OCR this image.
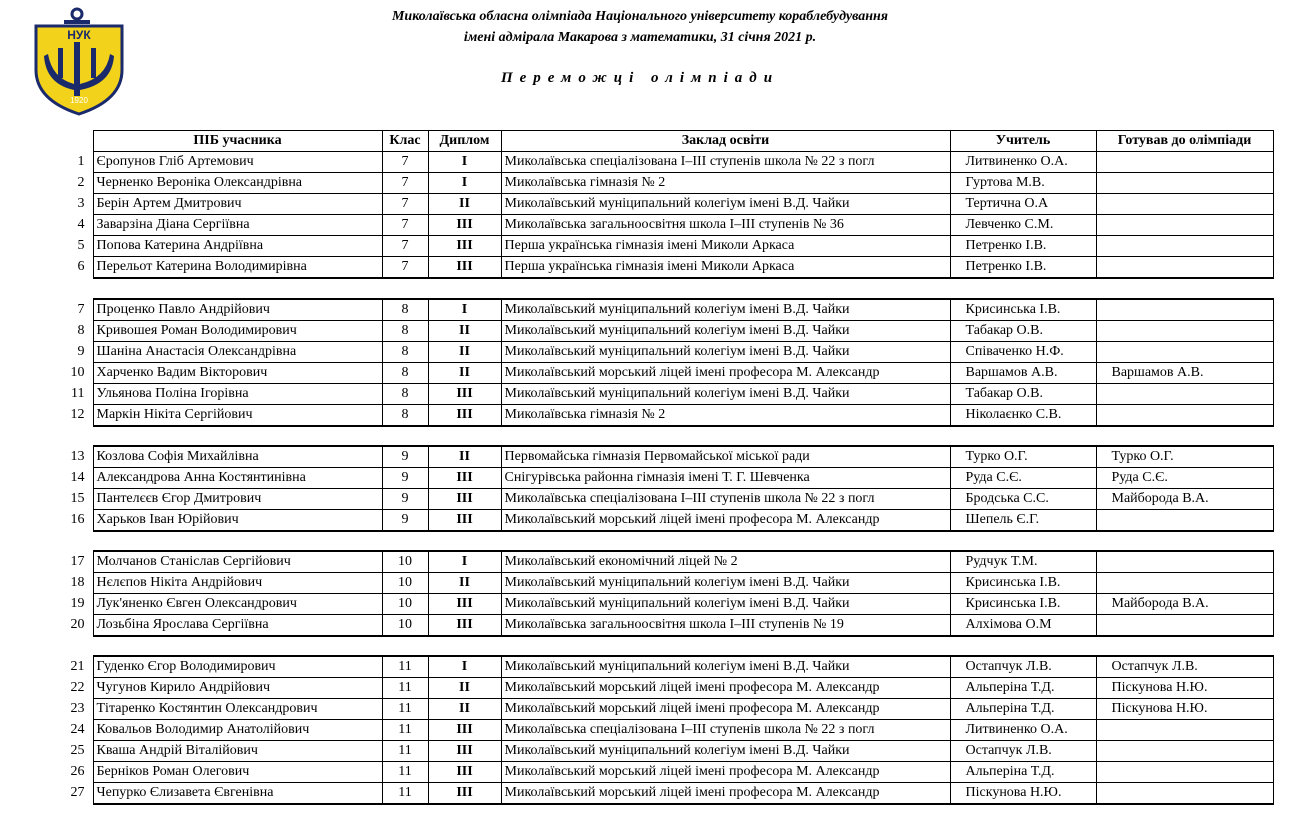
НУК
1920
Миколаївська обласна олімпіада Національного університету кораблебудування
імені адмірала Макарова з математики, 31 січня 2021 р.
Переможці олімпіади
	ПІБ учасника	Клас	Диплом	Заклад освіти	Учитель	Готував до олімпіади
1	Єропунов Гліб Артемович	7	I	Миколаївська спеціалізована І–ІІІ ступенів школа № 22 з погл	Литвиненко О.А.	
2	Черненко Вероніка Олександрівна	7	I	Миколаївська гімназія № 2	Гуртова М.В.	
3	Берін Артем Дмитрович	7	II	Миколаївський муніципальний колегіум імені В.Д. Чайки	Тертична О.А	
4	Заварзіна Діана Сергіївна	7	III	Миколаївська загальноосвітня школа І–ІІІ ступенів № 36	Левченко С.М.	
5	Попова Катерина Андріївна	7	III	Перша українська гімназія імені Миколи Аркаса	Петренко І.В.	
6	Перельот Катерина Володимирівна	7	III	Перша українська гімназія імені Миколи Аркаса	Петренко І.В.	
7	Проценко Павло Андрійович	8	I	Миколаївський муніципальний колегіум імені В.Д. Чайки	Крисинська І.В.	
8	Кривошея Роман Володимирович	8	II	Миколаївський муніципальний колегіум імені В.Д. Чайки	Табакар О.В.	
9	Шаніна Анастасія Олександрівна	8	II	Миколаївський муніципальний колегіум імені В.Д. Чайки	Співаченко Н.Ф.	
10	Харченко Вадим Вікторович	8	II	Миколаївський морський ліцей імені професора М. Александр	Варшамов А.В.	Варшамов А.В.
11	Ульянова Поліна Ігорівна	8	III	Миколаївський муніципальний колегіум імені В.Д. Чайки	Табакар О.В.	
12	Маркін Нікіта Сергійович	8	III	Миколаївська гімназія № 2	Ніколаєнко С.В.	
13	Козлова Софія Михайлівна	9	II	Первомайська гімназія Первомайської міської ради	Турко О.Г.	Турко О.Г.
14	Александрова Анна Костянтинівна	9	III	Снігурівська районна гімназія імені Т. Г. Шевченка	Руда С.Є.	Руда С.Є.
15	Пантелєєв Єгор Дмитрович	9	III	Миколаївська спеціалізована І–ІІІ ступенів школа № 22 з погл	Бродська С.С.	Майборода В.А.
16	Харьков Іван Юрійович	9	III	Миколаївський морський ліцей імені професора М. Александр	Шепель Є.Г.	
17	Молчанов Станіслав Сергійович	10	I	Миколаївський економічний ліцей № 2	Рудчук Т.М.	
18	Нєлєпов Нікіта Андрійович	10	II	Миколаївський муніципальний колегіум імені В.Д. Чайки	Крисинська І.В.	
19	Лук'яненко Євген Олександрович	10	III	Миколаївський муніципальний колегіум імені В.Д. Чайки	Крисинська І.В.	Майборода В.А.
20	Лозьбіна Ярослава Сергіївна	10	III	Миколаївська загальноосвітня школа І–ІІІ ступенів № 19	Алхімова О.М	
21	Гуденко Єгор Володимирович	11	I	Миколаївський муніципальний колегіум імені В.Д. Чайки	Остапчук Л.В.	Остапчук Л.В.
22	Чугунов Кирило Андрійович	11	II	Миколаївський морський ліцей імені професора М. Александр	Альперіна Т.Д.	Піскунова Н.Ю.
23	Тітаренко Костянтин Олександрович	11	II	Миколаївський морський ліцей імені професора М. Александр	Альперіна Т.Д.	Піскунова Н.Ю.
24	Ковальов Володимир Анатолійович	11	III	Миколаївська спеціалізована І–ІІІ ступенів школа № 22 з погл	Литвиненко О.А.	
25	Кваша Андрій Віталійович	11	III	Миколаївський муніципальний колегіум імені В.Д. Чайки	Остапчук Л.В.	
26	Берніков Роман Олегович	11	III	Миколаївський морський ліцей імені професора М. Александр	Альперіна Т.Д.	
27	Чепурко Єлизавета Євгенівна	11	III	Миколаївський морський ліцей імені професора М. Александр	Піскунова Н.Ю.	
